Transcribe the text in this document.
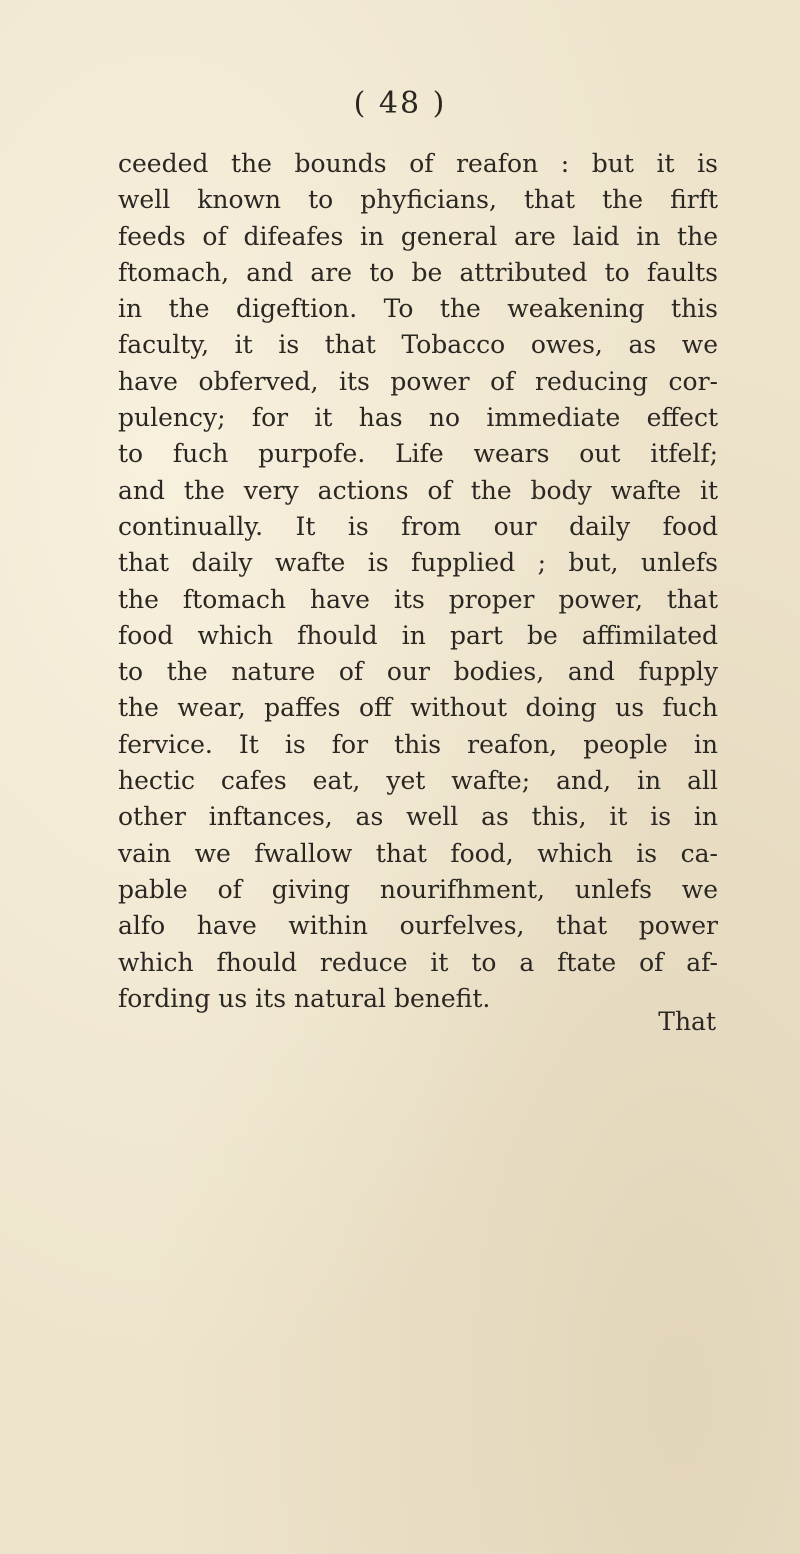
( 48 )
ceeded the bounds of reafon : but it is
well known to phyficians, that the firft
feeds of difeafes in general are laid in the
ftomach, and are to be attributed to faults
in the digeftion. To the weakening this
faculty, it is that Tobacco owes, as we
have obferved, its power of reducing cor-
pulency; for it has no immediate effect
to fuch purpofe. Life wears out itfelf;
and the very actions of the body wafte it
continually. It is from our daily food
that daily wafte is fupplied ; but, unlefs
the ftomach have its proper power, that
food which fhould in part be affimilated
to the nature of our bodies, and fupply
the wear, paffes off without doing us fuch
fervice. It is for this reafon, people in
hectic cafes eat, yet wafte; and, in all
other inftances, as well as this, it is in
vain we fwallow that food, which is ca-
pable of giving nourifhment, unlefs we
alfo have within ourfelves, that power
which fhould reduce it to a ftate of af-
fording us its natural benefit.
That
